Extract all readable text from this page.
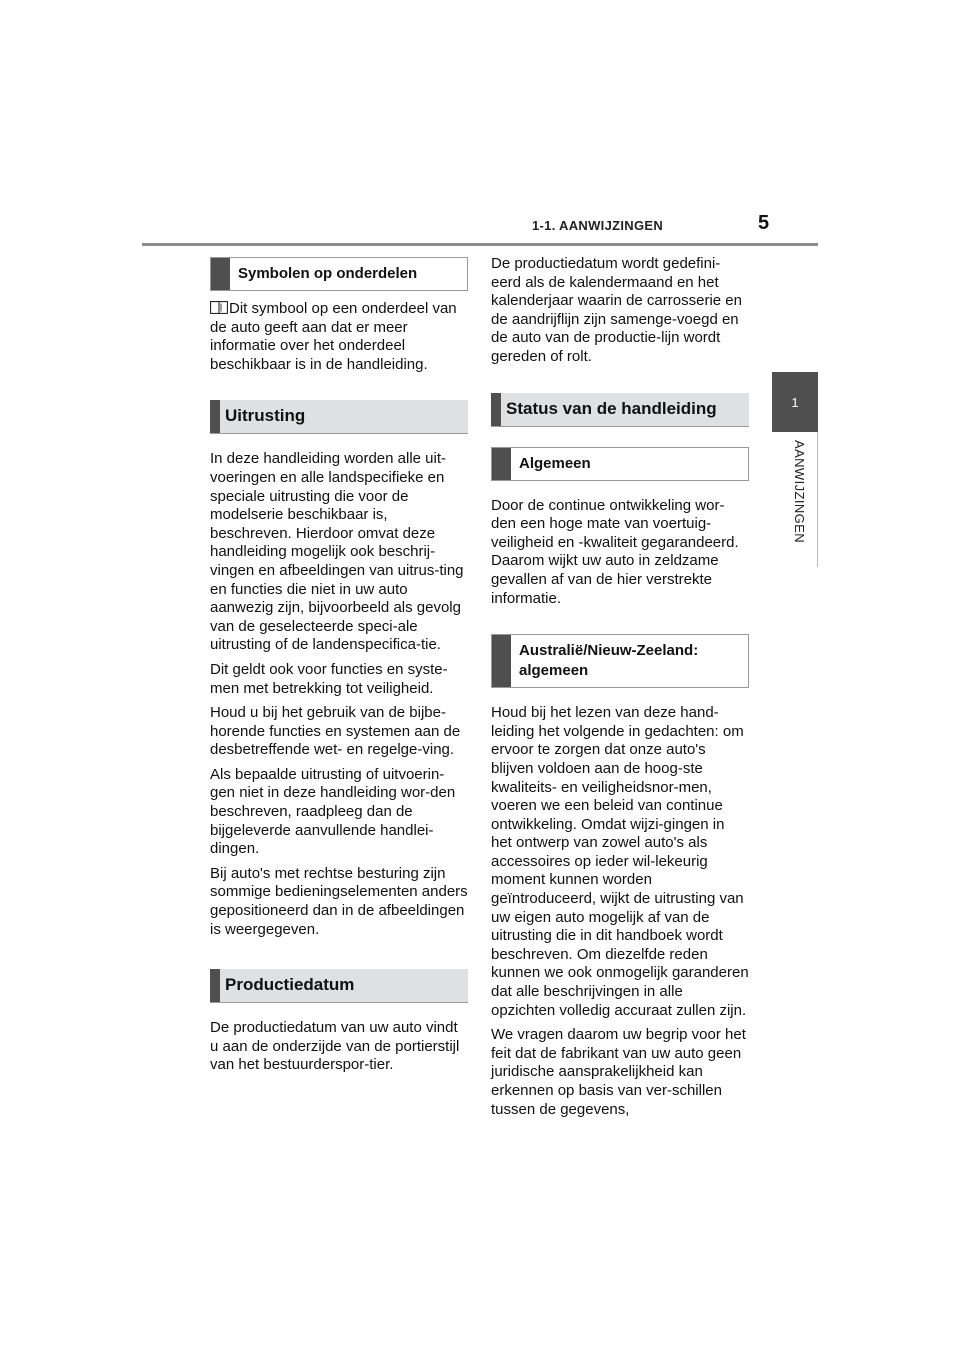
1-1. AANWIJZINGEN	5
1
AANWIJZINGEN
Symbolen op onderdelen

Dit symbool op een onderdeel van de auto geeft aan dat er meer informatie over het onderdeel beschikbaar is in de handleiding.

Uitrusting

In deze handleiding worden alle uit-voeringen en alle landspecifieke en speciale uitrusting die voor de modelserie beschikbaar is, beschreven. Hierdoor omvat deze handleiding mogelijk ook beschrij-vingen en afbeeldingen van uitrus-ting en functies die niet in uw auto aanwezig zijn, bijvoorbeeld als gevolg van de geselecteerde speci-ale uitrusting of de landenspecifica-tie.

Dit geldt ook voor functies en syste-men met betrekking tot veiligheid.

Houd u bij het gebruik van de bijbe-horende functies en systemen aan de desbetreffende wet- en regelge-ving.

Als bepaalde uitrusting of uitvoerin-gen niet in deze handleiding wor-den beschreven, raadpleeg dan de bijgeleverde aanvullende handlei-dingen.

Bij auto's met rechtse besturing zijn sommige bedieningselementen anders gepositioneerd dan in de afbeeldingen is weergegeven.

Productiedatum

De productiedatum van uw auto vindt u aan de onderzijde van de portierstijl van het bestuurderspor-tier.

De productiedatum wordt gedefini-eerd als de kalendermaand en het kalenderjaar waarin de carrosserie en de aandrijflijn zijn samenge-voegd en de auto van de productie-lijn wordt gereden of rolt.

Status van de handleiding
Algemeen

Door de continue ontwikkeling wor-den een hoge mate van voertuig-veiligheid en -kwaliteit gegarandeerd. Daarom wijkt uw auto in zeldzame gevallen af van de hier verstrekte informatie.

Australië/Nieuw-Zeeland: algemeen

Houd bij het lezen van deze hand-leiding het volgende in gedachten: om ervoor te zorgen dat onze auto's blijven voldoen aan de hoog-ste kwaliteits- en veiligheidsnor-men, voeren we een beleid van continue ontwikkeling. Omdat wijzi-gingen in het ontwerp van zowel auto's als accessoires op ieder wil-lekeurig moment kunnen worden geïntroduceerd, wijkt de uitrusting van uw eigen auto mogelijk af van de uitrusting die in dit handboek wordt beschreven. Om diezelfde reden kunnen we ook onmogelijk garanderen dat alle beschrijvingen in alle opzichten volledig accuraat zullen zijn.

We vragen daarom uw begrip voor het feit dat de fabrikant van uw auto geen juridische aansprakelijkheid kan erkennen op basis van ver-schillen tussen de gegevens,
